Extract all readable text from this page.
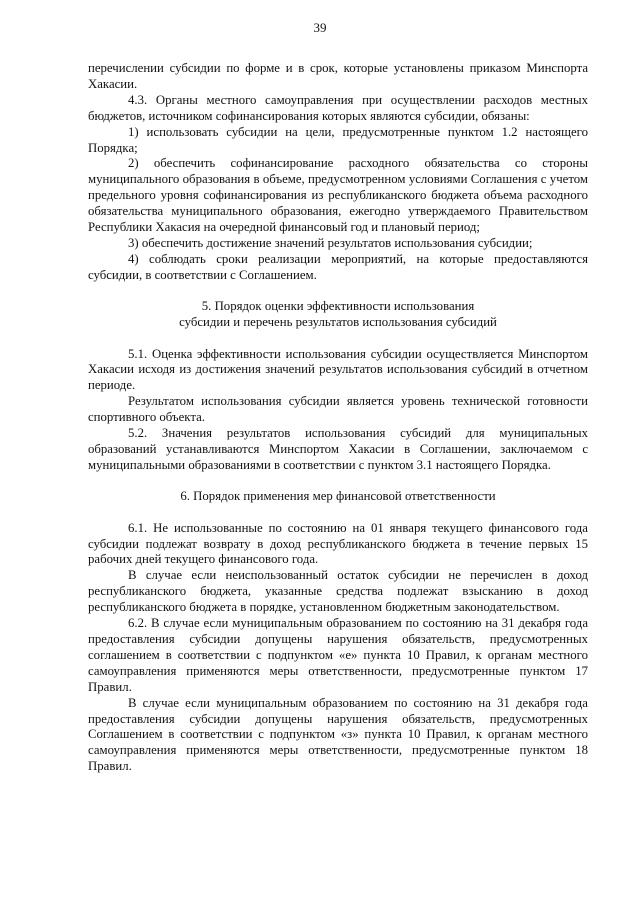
39

перечислении субсидии по форме и в срок, которые установлены приказом Минспорта Хакасии.

4.3. Органы местного самоуправления при осуществлении расходов местных бюджетов, источником софинансирования которых являются субсидии, обязаны:

1) использовать субсидии на цели, предусмотренные пунктом 1.2 настоящего Порядка;

2) обеспечить софинансирование расходного обязательства со стороны муниципального образования в объеме, предусмотренном условиями Соглашения с учетом предельного уровня софинансирования из республиканского бюджета объема расходного обязательства муниципального образования, ежегодно утверждаемого Правительством Республики Хакасия на очередной финансовый год и плановый период;

3) обеспечить достижение значений результатов использования субсидии;

4) соблюдать сроки реализации мероприятий, на которые предоставляются субсидии, в соответствии с Соглашением.

5. Порядок оценки эффективности использования

субсидии и перечень результатов использования субсидий

5.1. Оценка эффективности использования субсидии осуществляется Минспортом Хакасии исходя из достижения значений результатов использования субсидий в отчетном периоде.

Результатом использования субсидии является уровень технической готовности спортивного объекта.

5.2. Значения результатов использования субсидий для муниципальных образований устанавливаются Минспортом Хакасии в Соглашении, заключаемом с муниципальными образованиями в соответствии с пунктом 3.1 настоящего Порядка.

6. Порядок применения мер финансовой ответственности

6.1. Не использованные по состоянию на 01 января текущего финансового года субсидии подлежат возврату в доход республиканского бюджета в течение первых 15 рабочих дней текущего финансового года.

В случае если неиспользованный остаток субсидии не перечислен в доход республиканского бюджета, указанные средства подлежат взысканию в доход республиканского бюджета в порядке, установленном бюджетным законодательством.

6.2. В случае если муниципальным образованием по состоянию на 31 декабря года предоставления субсидии допущены нарушения обязательств, предусмотренных соглашением в соответствии с подпунктом «е» пункта 10 Правил, к органам местного самоуправления применяются меры ответственности, предусмотренные пунктом 17 Правил.

В случае если муниципальным образованием по состоянию на 31 декабря года предоставления субсидии допущены нарушения обязательств, предусмотренных Соглашением в соответствии с подпунктом «з» пункта 10 Правил, к органам местного самоуправления применяются меры ответственности, предусмотренные пунктом 18 Правил.
